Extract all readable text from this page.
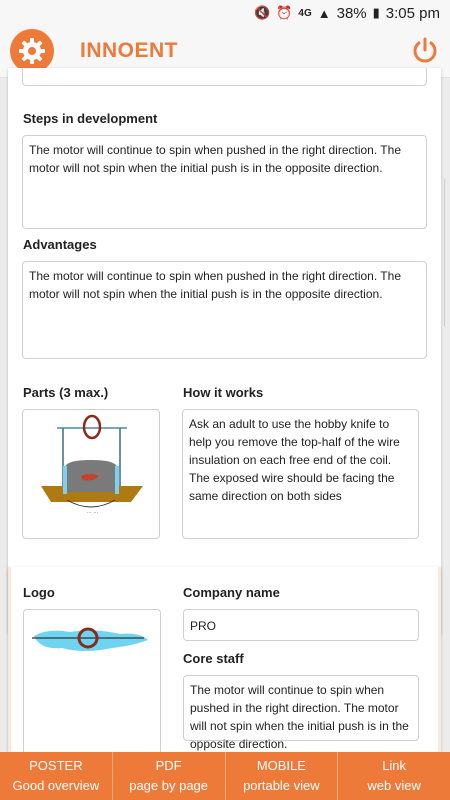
🔇 ⏰ 4G ▲ 38% ▮ 3:05 pm
INNOENT
Steps in development
The motor will continue to spin when pushed in the right direction. The motor will not spin when the initial push is in the opposite direction.
Advantages
The motor will continue to spin when pushed in the right direction. The motor will not spin when the initial push is in the opposite direction.
Parts (3 max.)
··· ···
How it works
Ask an adult to use the hobby knife to help you remove the top-half of the wire insulation on each free end of the coil. The exposed wire should be facing the same direction on both sides
Logo	Company name
PRO
Core staff
The motor will continue to spin when pushed in the right direction. The motor will not spin when the initial push is in the opposite direction.
POSTER
Good overview
PDF
page by page
MOBILE
portable view
Link
web view
